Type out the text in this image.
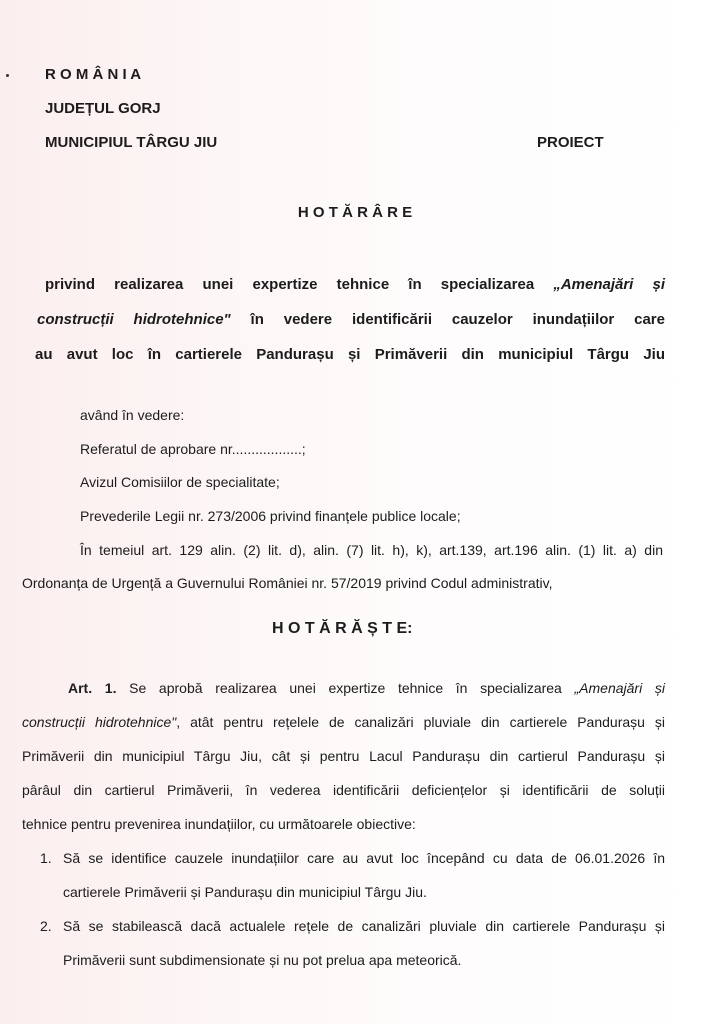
R O M Â N I A
JUDEȚUL GORJ
MUNICIPIUL TÂRGU JIU	PROIECT
H O T Ă R Â R E
privind realizarea unei expertize tehnice în specializarea „Amenajări și
construcții hidrotehnice" în vedere identificării cauzelor inundațiilor care
au avut loc în cartierele Pandurașu și Primăverii din municipiul Târgu Jiu
având în vedere:
Referatul de aprobare nr..................;
Avizul Comisiilor de specialitate;
Prevederile Legii nr. 273/2006 privind finanțele publice locale;
În temeiul art. 129 alin. (2) lit. d), alin. (7) lit. h), k), art.139, art.196 alin. (1) lit. a) din
Ordonanța de Urgență a Guvernului României nr. 57/2019 privind Codul administrativ,
H O T Ă R Ă Ș T E:
Art. 1. Se aprobă realizarea unei expertize tehnice în specializarea „Amenajări și
construcții hidrotehnice", atât pentru rețelele de canalizări pluviale din cartierele Pandurașu și
Primăverii din municipiul Târgu Jiu, cât și pentru Lacul Pandurașu din cartierul Pandurașu și
pârâul din cartierul Primăverii, în vederea identificării deficiențelor și identificării de soluții
tehnice pentru prevenirea inundațiilor, cu următoarele obiective:
1. Să se identifice cauzele inundațiilor care au avut loc începând cu data de 06.01.2026 în
cartierele Primăverii și Pandurașu din municipiul Târgu Jiu.
2. Să se stabilească dacă actualele rețele de canalizări pluviale din cartierele Pandurașu și
Primăverii sunt subdimensionate și nu pot prelua apa meteorică.
